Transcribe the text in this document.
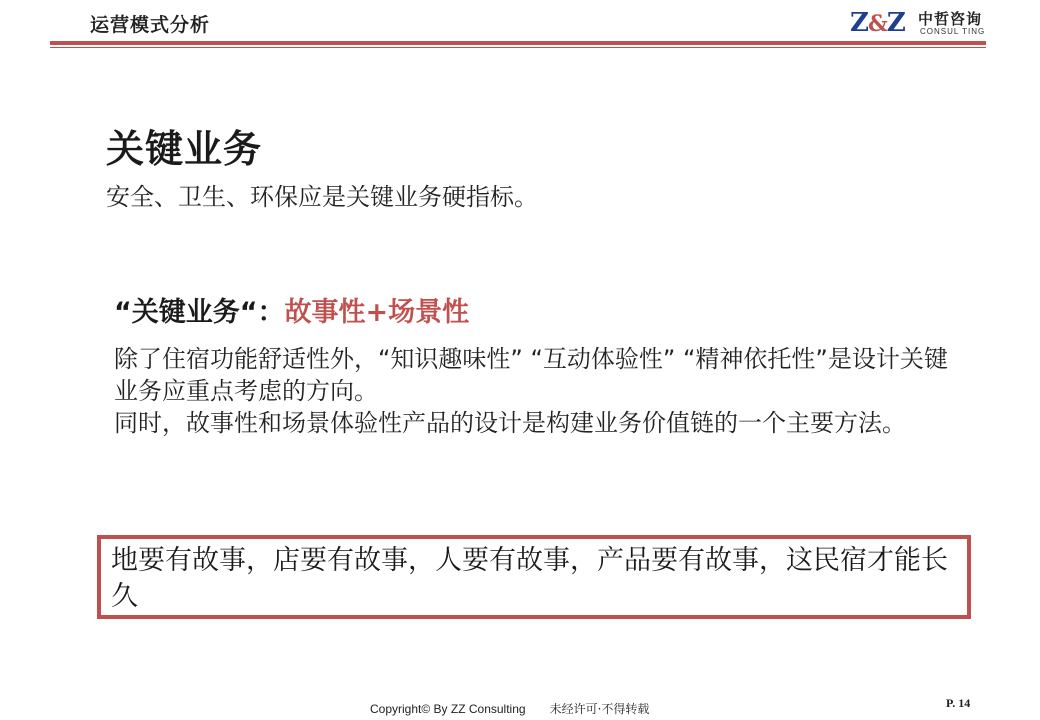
运营模式分析	Z&Z 中哲咨询
CONSUL TING
关键业务
安全、卫生、环保应是关键业务硬指标。
“关键业务“：故事性+场景性

除了住宿功能舒适性外，“知识趣味性” “互动体验性” “精神依托性”是设计关键业务应重点考虑的方向。

同时，故事性和场景体验性产品的设计是构建业务价值链的一个主要方法。

地要有故事，店要有故事，人要有故事，产品要有故事，这民宿才能长久
Copyright© By ZZ Consulting 未经许可·不得转载	P. 14
